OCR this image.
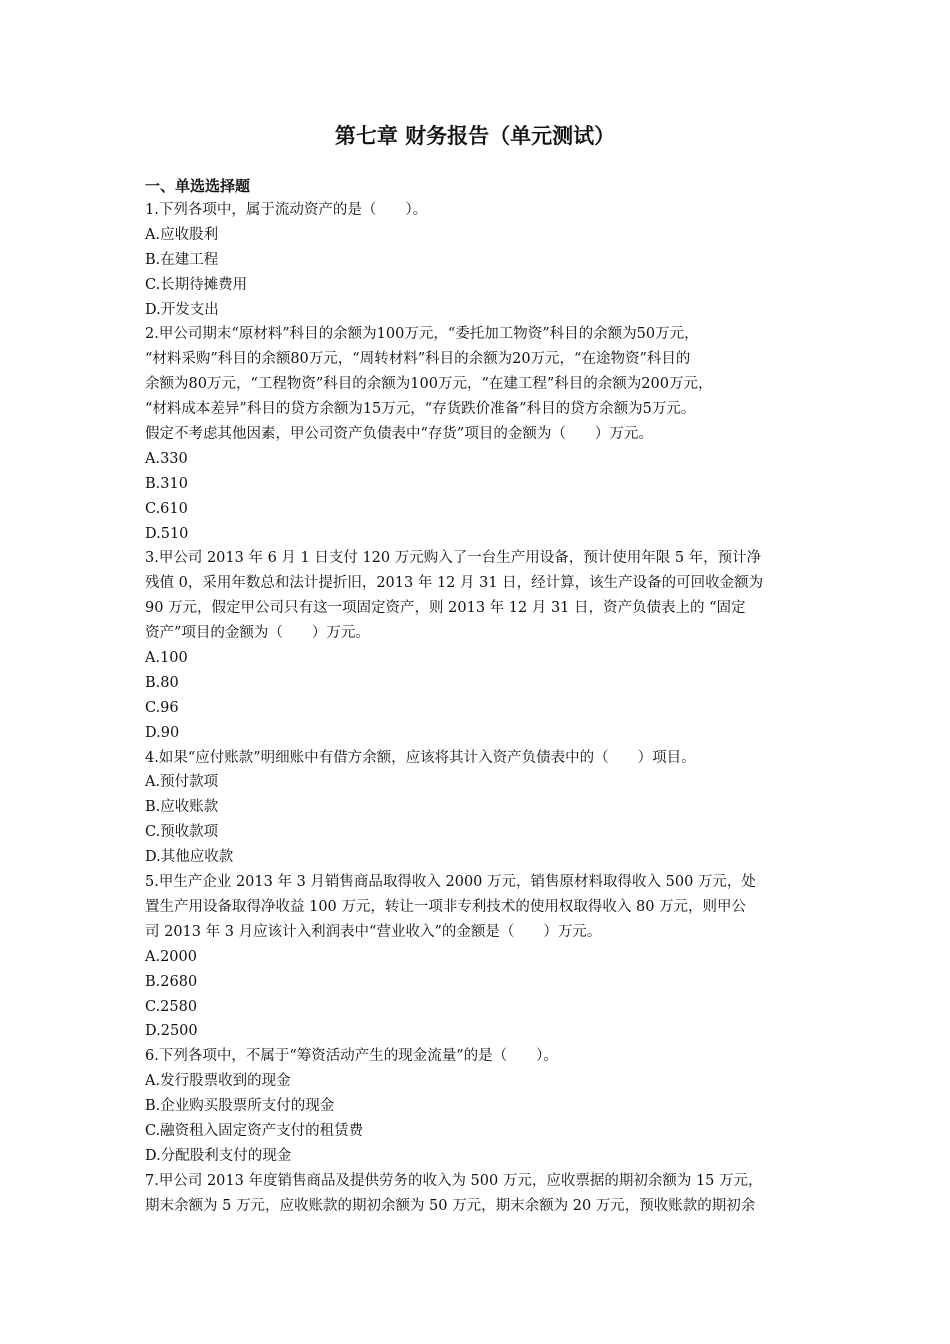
第七章 财务报告（单元测试）
一、单选选择题
1.下列各项中，属于流动资产的是（　　）。
A.应收股利
B.在建工程
C.长期待摊费用
D.开发支出
2.甲公司期末“原材料”科目的余额为100万元，“委托加工物资”科目的余额为50万元，
“材料采购”科目的余额80万元，“周转材料”科目的余额为20万元，“在途物资”科目的
余额为80万元，“工程物资”科目的余额为100万元，“在建工程”科目的余额为200万元，
“材料成本差异”科目的贷方余额为15万元，“存货跌价准备”科目的贷方余额为5万元。
假定不考虑其他因素，甲公司资产负债表中“存货”项目的金额为（　　）万元。
A.330
B.310
C.610
D.510
3.甲公司 2013 年 6 月 1 日支付 120 万元购入了一台生产用设备，预计使用年限 5 年，预计净
残值 0，采用年数总和法计提折旧，2013 年 12 月 31 日，经计算，该生产设备的可回收金额为
90 万元，假定甲公司只有这一项固定资产，则 2013 年 12 月 31 日，资产负债表上的 “固定
资产”项目的金额为（　　）万元。
A.100
B.80
C.96
D.90
4.如果“应付账款”明细账中有借方余额，应该将其计入资产负债表中的（　　）项目。
A.预付款项
B.应收账款
C.预收款项
D.其他应收款
5.甲生产企业 2013 年 3 月销售商品取得收入 2000 万元，销售原材料取得收入 500 万元，处
置生产用设备取得净收益 100 万元，转让一项非专利技术的使用权取得收入 80 万元，则甲公
司 2013 年 3 月应该计入利润表中“营业收入”的金额是（　　）万元。
A.2000
B.2680
C.2580
D.2500
6.下列各项中，不属于“筹资活动产生的现金流量”的是（　　）。
A.发行股票收到的现金
B.企业购买股票所支付的现金
C.融资租入固定资产支付的租赁费
D.分配股利支付的现金
7.甲公司 2013 年度销售商品及提供劳务的收入为 500 万元，应收票据的期初余额为 15 万元，
期末余额为 5 万元，应收账款的期初余额为 50 万元，期末余额为 20 万元，预收账款的期初余
